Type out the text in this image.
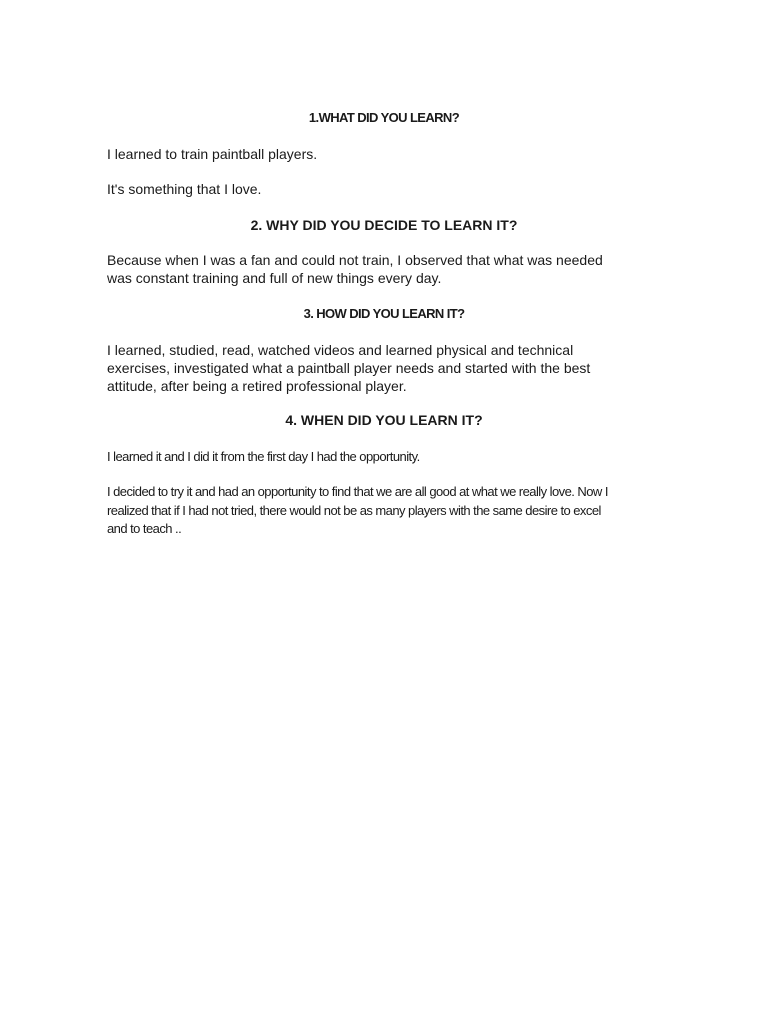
1.WHAT DID YOU LEARN?

I learned to train paintball players.

It's something that I love.

2. WHY DID YOU DECIDE TO LEARN IT?

Because when I was a fan and could not train, I observed that what was needed
was constant training and full of new things every day.

3. HOW DID YOU LEARN IT?

I learned, studied, read, watched videos and learned physical and technical
exercises, investigated what a paintball player needs and started with the best
attitude, after being a retired professional player.

4. WHEN DID YOU LEARN IT?

I learned it and I did it from the first day I had the opportunity.

I decided to try it and had an opportunity to find that we are all good at what we really love. Now I
realized that if I had not tried, there would not be as many players with the same desire to excel
and to teach ..
